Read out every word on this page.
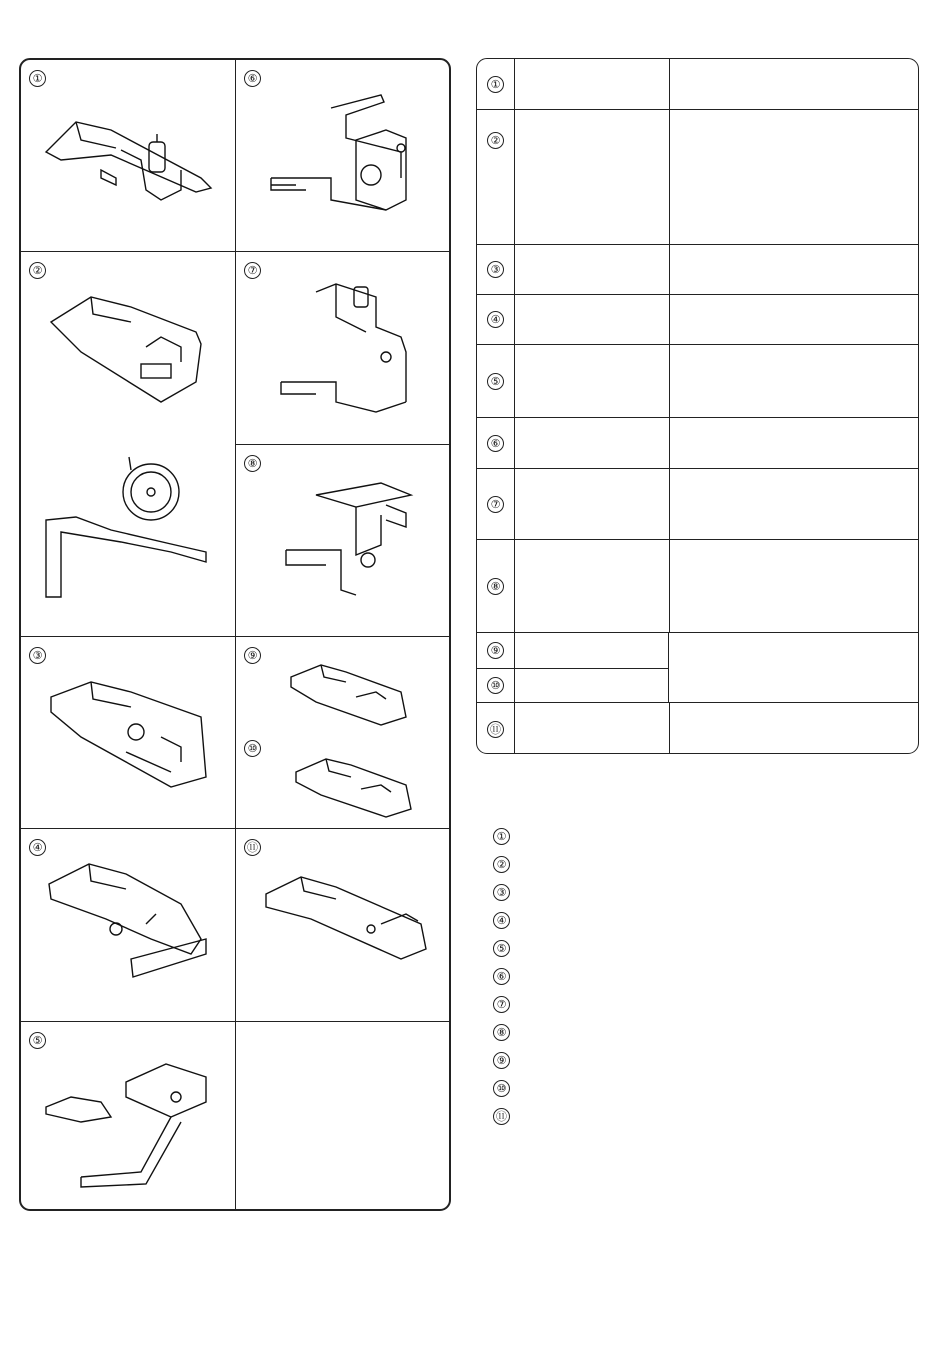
①	⑥
②	⑦
⑧
③	⑨
⑩
④	⑪
⑤
①
②
③
④
⑤
⑥
⑦
⑧
⑨
⑩
⑪
①
②
③
④
⑤
⑥
⑦
⑧
⑨
⑩
⑪
